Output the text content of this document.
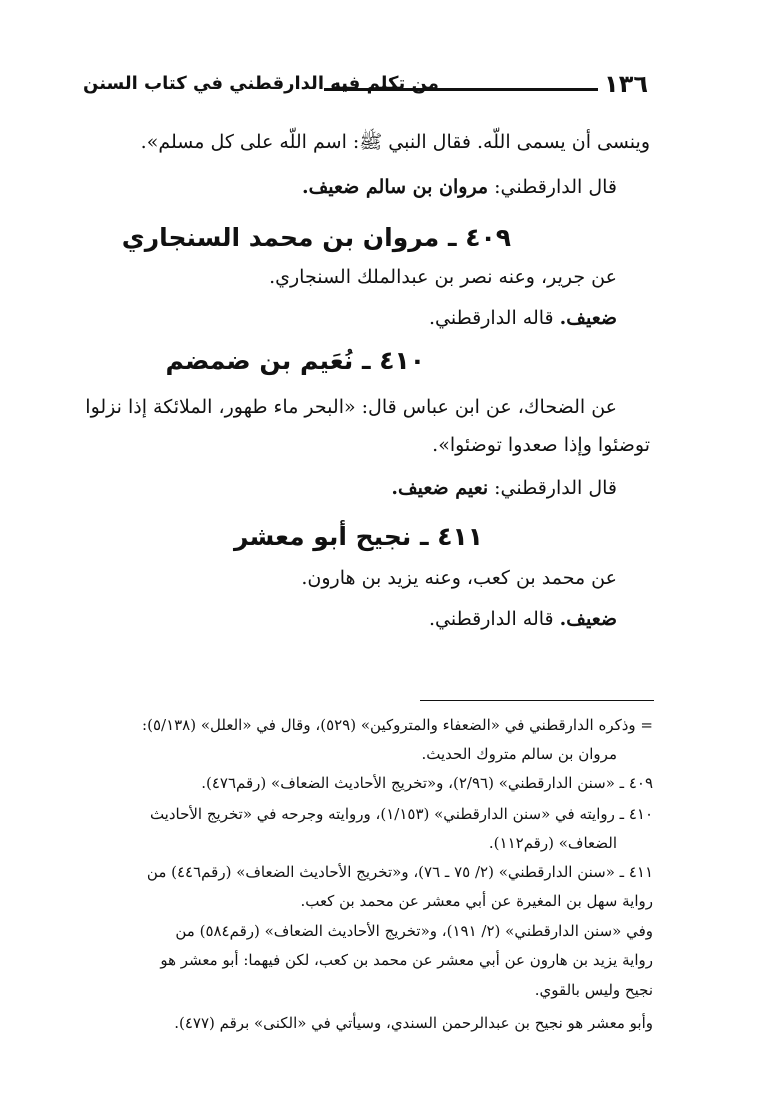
١٣٦
من تكلم فيه الدارقطني في كتاب السنن
وينسى أن يسمى اللّه. فقال النبي ﷺ: اسم اللّه على كل مسلم».
قال الدارقطني: مروان بن سالم ضعيف.
٤٠٩ ـ مروان بن محمد السنجاري
عن جرير، وعنه نصر بن عبدالملك السنجاري.
ضعيف. قاله الدارقطني.
٤١٠ ـ نُعَيم بن ضمضم
عن الضحاك، عن ابن عباس قال: «البحر ماء طهور، الملائكة إذا نزلوا
توضئوا وإذا صعدوا توضئوا».
قال الدارقطني: نعيم ضعيف.
٤١١ ـ نجيح أبو معشر
عن محمد بن كعب، وعنه يزيد بن هارون.
ضعيف. قاله الدارقطني.
= وذكره الدارقطني في «الضعفاء والمتروكين» (٥٢٩)، وقال في «العلل» (٥/١٣٨):
مروان بن سالم متروك الحديث.
٤٠٩ ـ «سنن الدارقطني» (٢/٩٦)، و«تخريج الأحاديث الضعاف» (رقم٤٧٦).
٤١٠ ـ روايته في «سنن الدارقطني» (١/١٥٣)، وروايته وجرحه في «تخريج الأحاديث
الضعاف» (رقم١١٢).
٤١١ ـ «سنن الدارقطني» (٢/ ٧٥ ـ ٧٦)، و«تخريج الأحاديث الضعاف» (رقم٤٤٦) من
رواية سهل بن المغيرة عن أبي معشر عن محمد بن كعب.
وفي «سنن الدارقطني» (٢/ ١٩١)، و«تخريج الأحاديث الضعاف» (رقم٥٨٤) من
رواية يزيد بن هارون عن أبي معشر عن محمد بن كعب، لكن فيهما: أبو معشر هو
نجيح وليس بالقوي.
وأبو معشر هو نجيح بن عبدالرحمن السندي، وسيأتي في «الكنى» برقم (٤٧٧).
